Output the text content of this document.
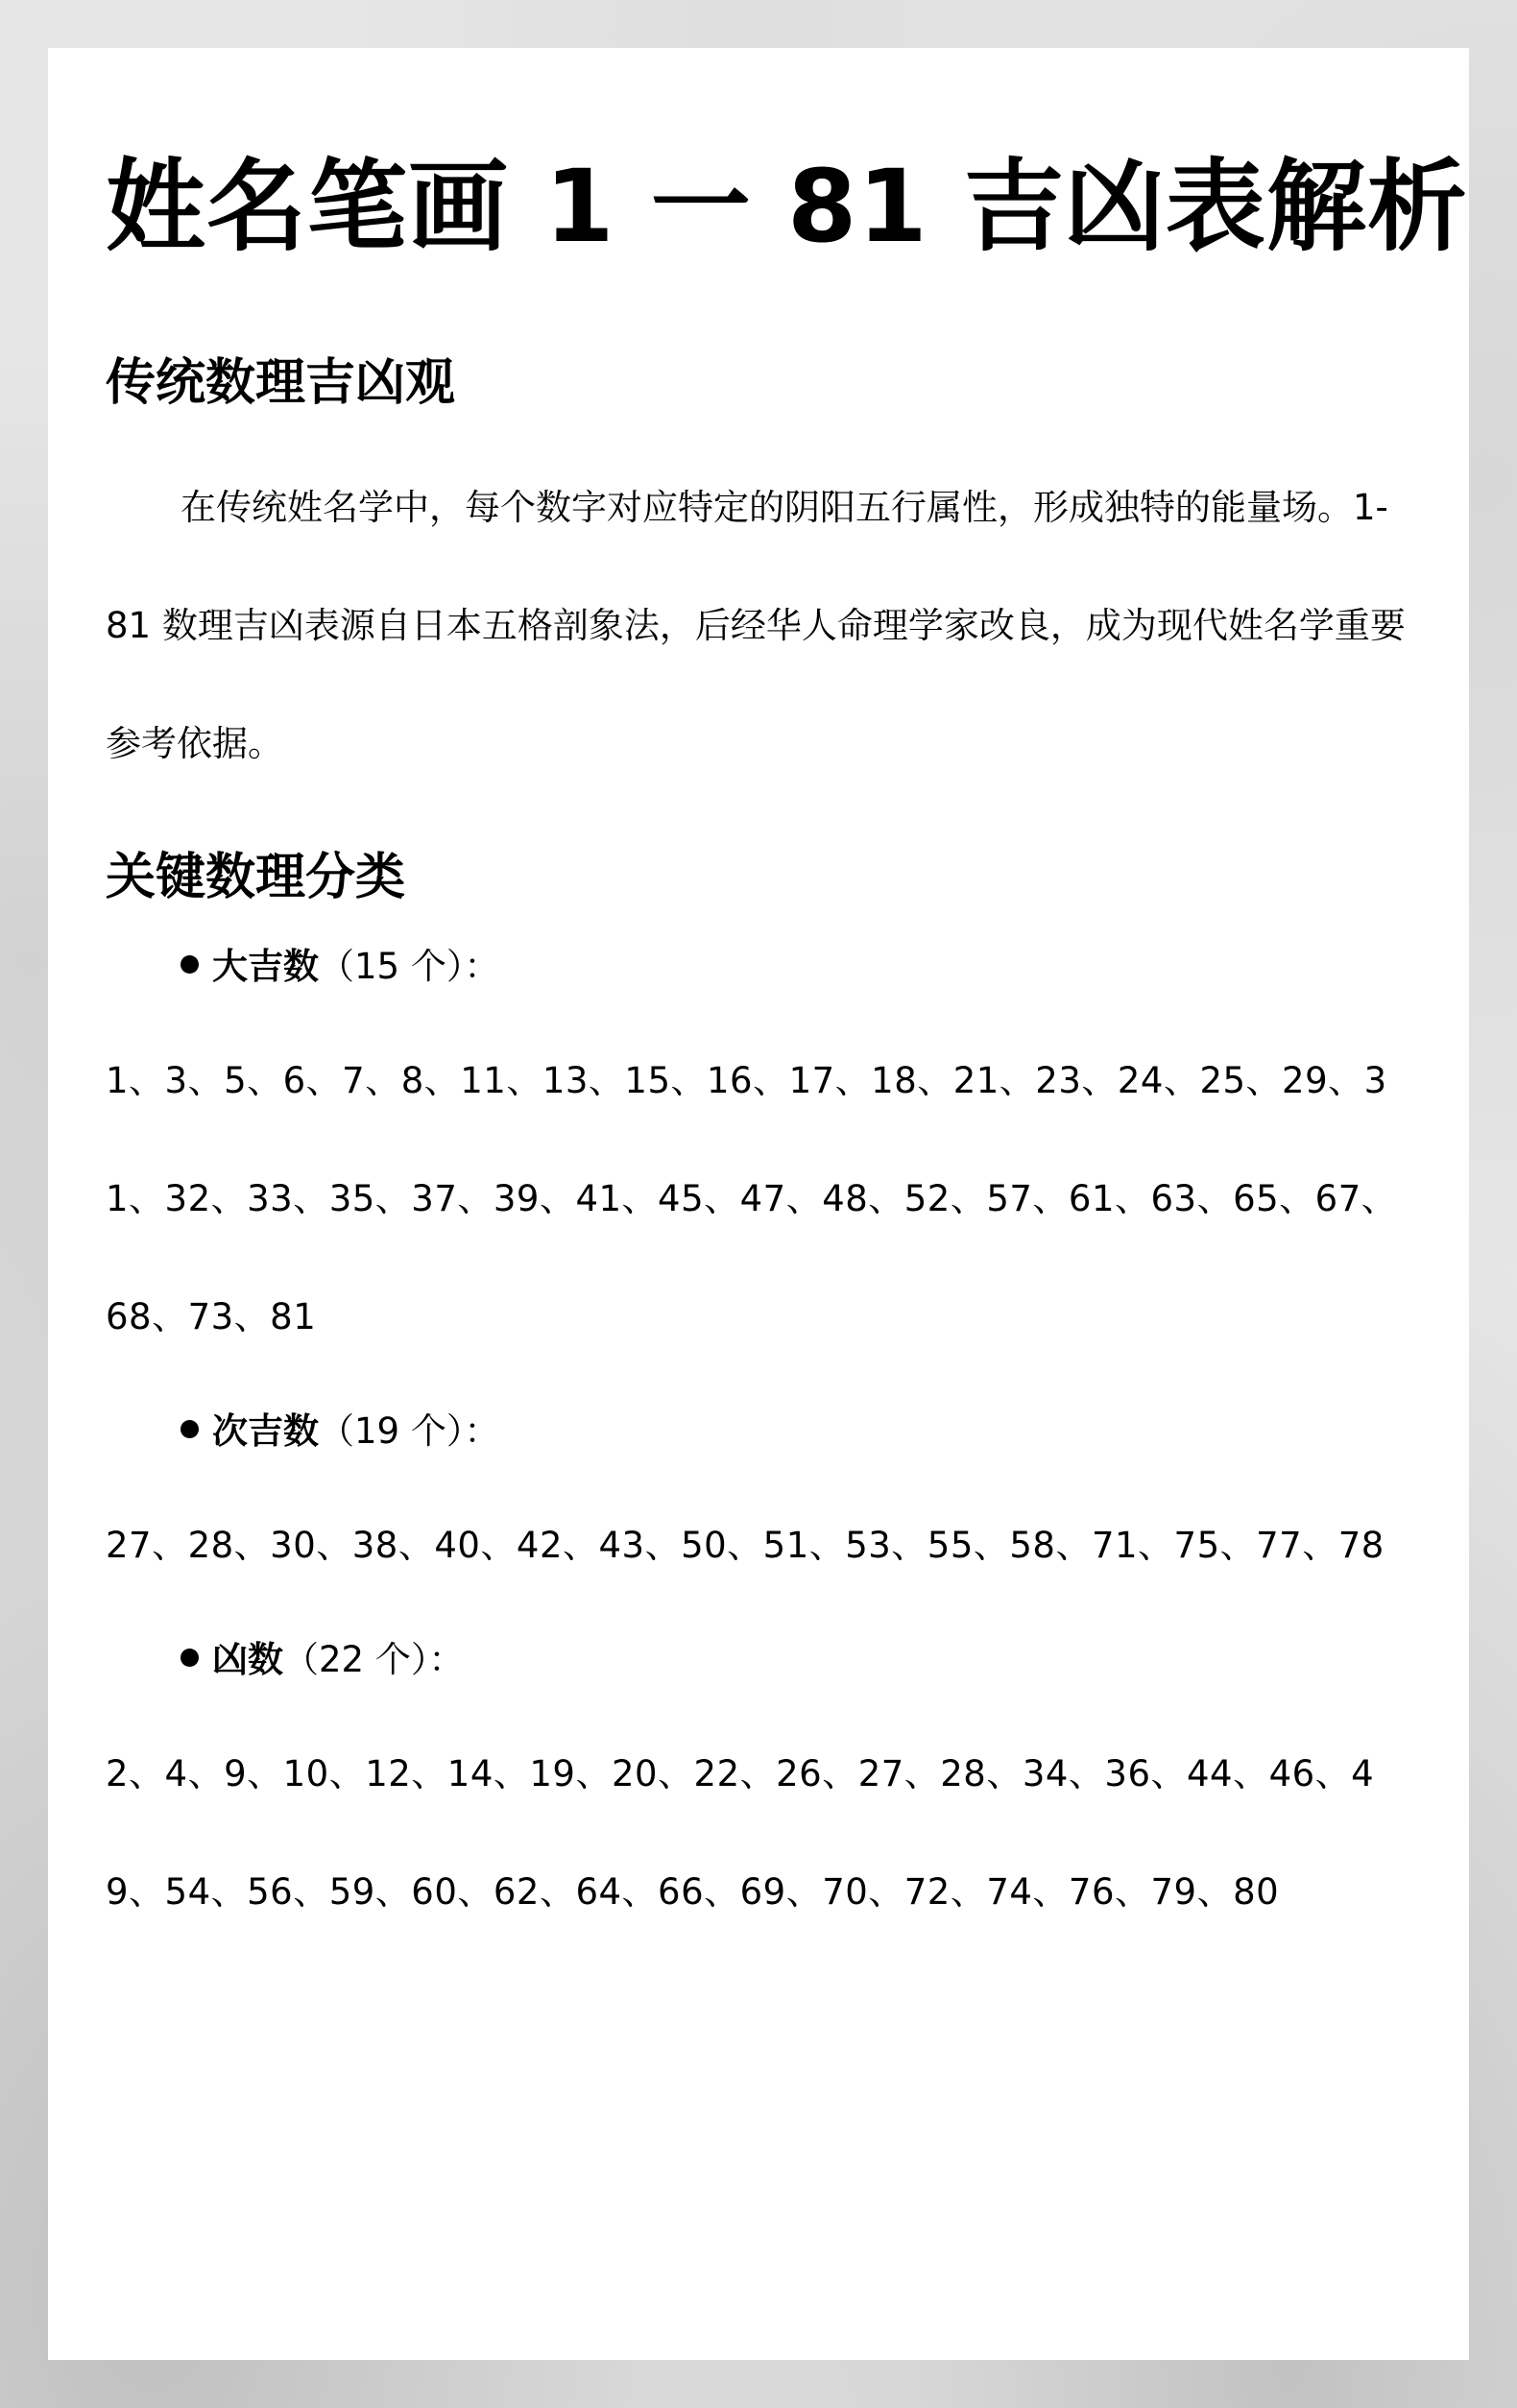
姓名笔画 1 一 81 吉凶表解析
传统数理吉凶观

在传统姓名学中，每个数字对应特定的阴阳五行属性，形成独特的能量场。1-81 数理吉凶表源自日本五格剖象法，后经华人命理学家改良，成为现代姓名学重要参考依据。

关键数理分类

大吉数（15 个）：

1、3、5、6、7、8、11、13、15、16、17、18、21、23、24、25、29、31、32、33、35、37、39、41、45、47、48、52、57、61、63、65、67、68、73、81

次吉数（19 个）：

27、28、30、38、40、42、43、50、51、53、55、58、71、75、77、78

凶数（22 个）：

2、4、9、10、12、14、19、20、22、26、27、28、34、36、44、46、49、54、56、59、60、62、64、66、69、70、72、74、76、79、80
